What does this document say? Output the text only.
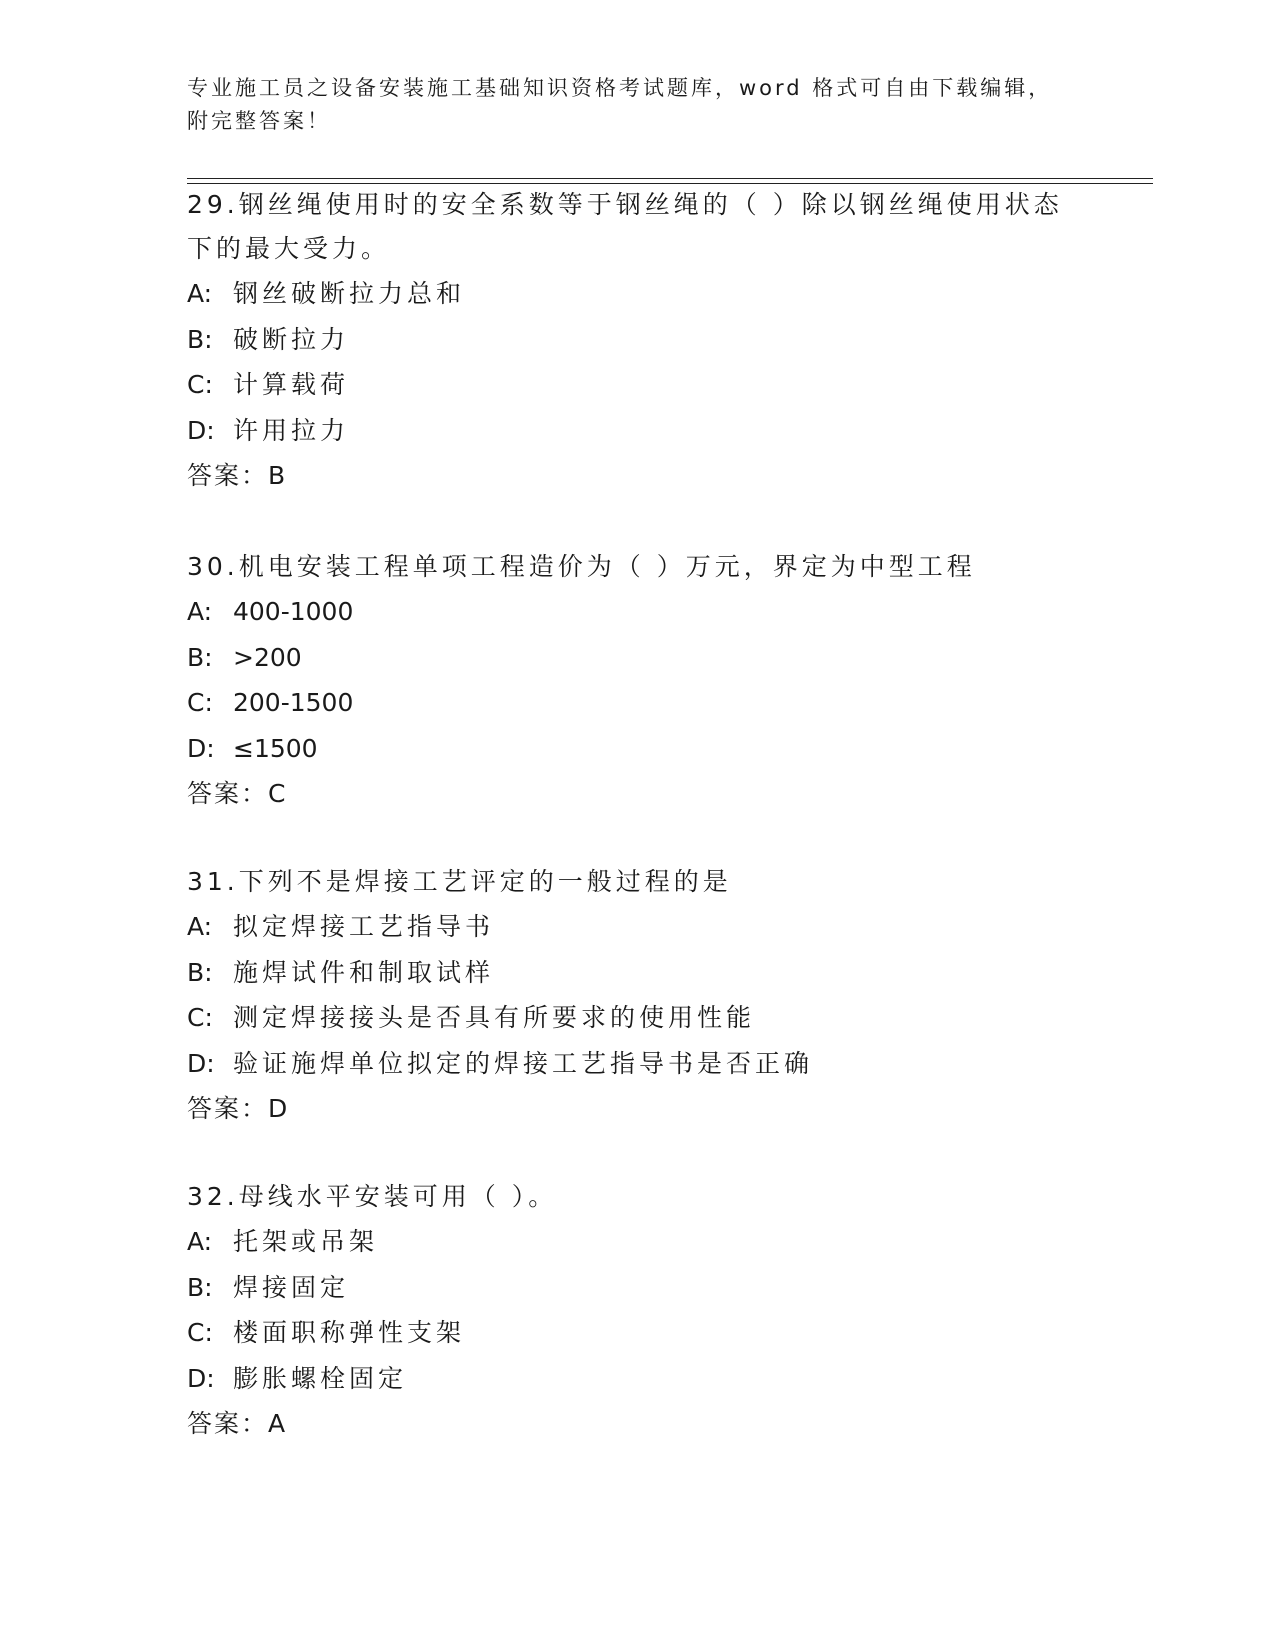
专业施工员之设备安装施工基础知识资格考试题库，word 格式可自由下载编辑，
附完整答案！

29.钢丝绳使用时的安全系数等于钢丝绳的（ ）除以钢丝绳使用状态

下的最大受力。

A: 钢丝破断拉力总和

B: 破断拉力

C: 计算载荷

D: 许用拉力

答案：B

30.机电安装工程单项工程造价为（ ）万元，界定为中型工程

A: 400-1000

B: >200

C: 200-1500

D: ≤1500

答案：C

31.下列不是焊接工艺评定的一般过程的是

A: 拟定焊接工艺指导书

B: 施焊试件和制取试样

C: 测定焊接接头是否具有所要求的使用性能

D: 验证施焊单位拟定的焊接工艺指导书是否正确

答案：D

32.母线水平安装可用（ ）。

A: 托架或吊架

B: 焊接固定

C: 楼面职称弹性支架

D: 膨胀螺栓固定

答案：A
